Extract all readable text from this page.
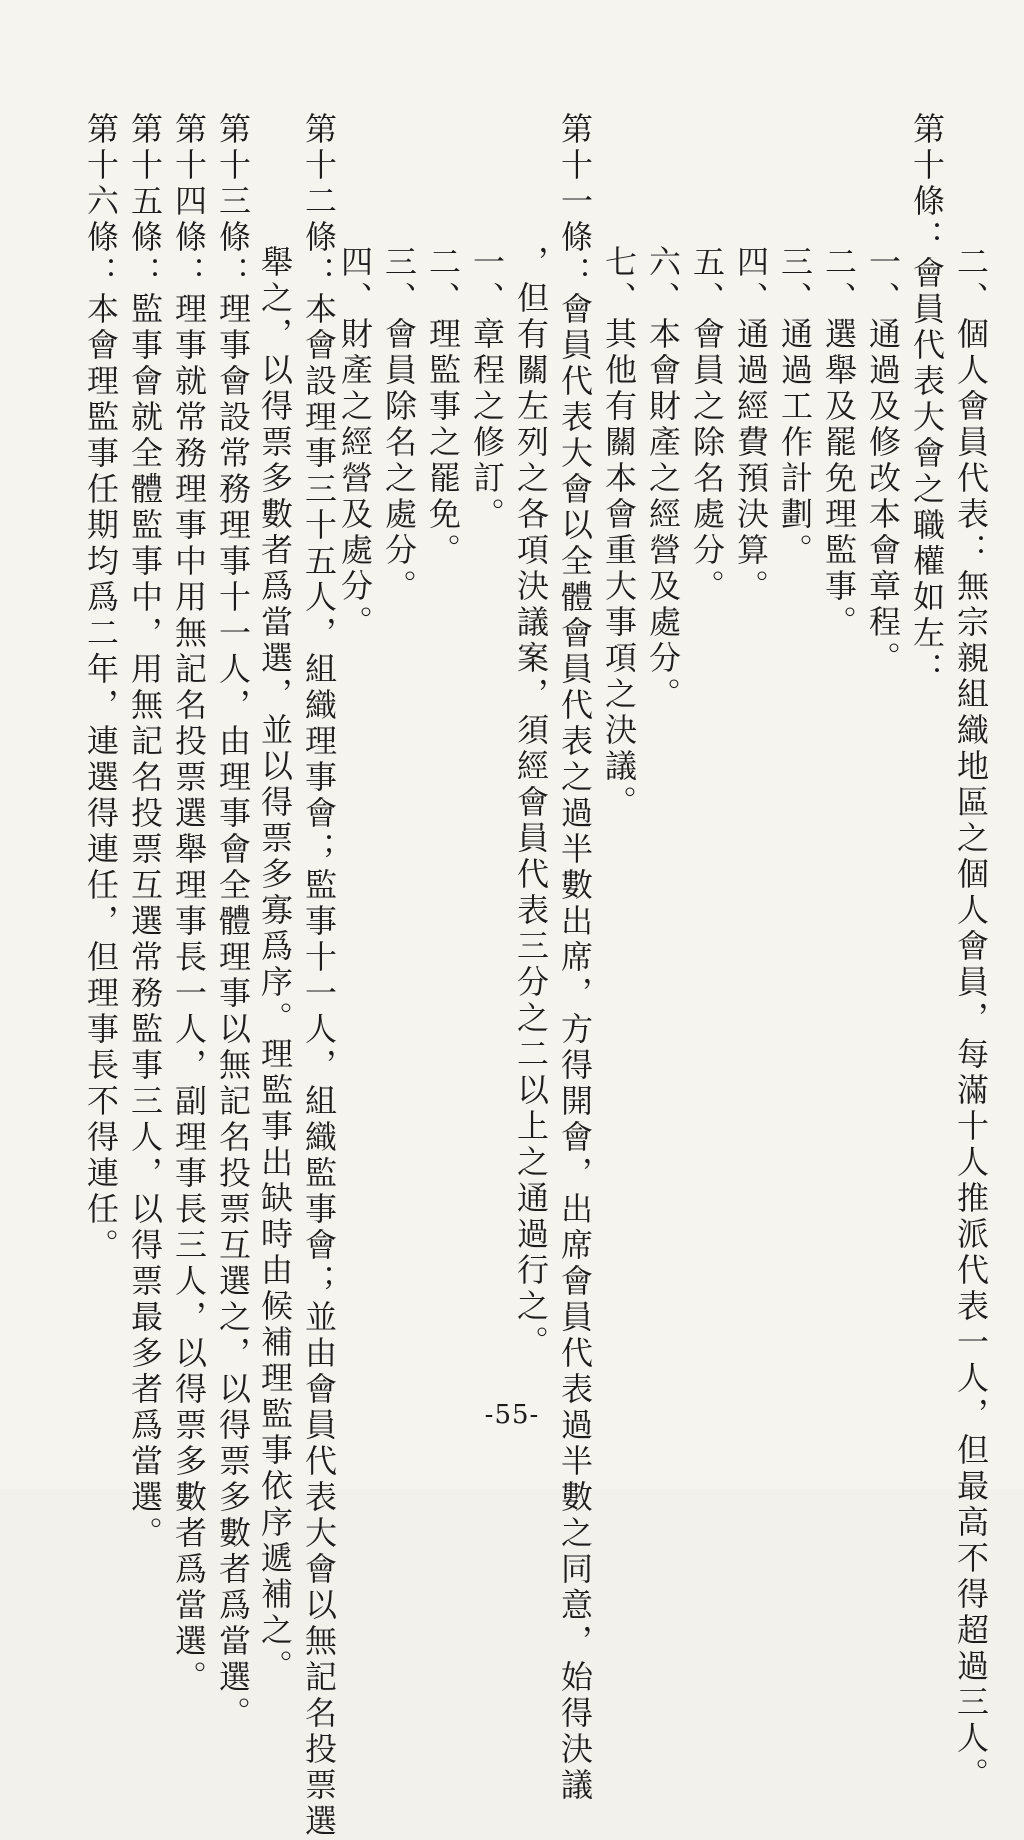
二、個人會員代表：無宗親組織地區之個人會員，每滿十人推派代表一人，但最高不得超過三人。
第十條：會員代表大會之職權如左：
一、通過及修改本會章程。
二、選舉及罷免理監事。
三、通過工作計劃。
四、通過經費預決算。
五、會員之除名處分。
六、本會財產之經營及處分。
七、其他有關本會重大事項之決議。
第十一條：會員代表大會以全體會員代表之過半數出席，方得開會，出席會員代表過半數之同意，始得決議
，但有關左列之各項決議案，須經會員代表三分之二以上之通過行之。
一、章程之修訂。
二、理監事之罷免。
三、會員除名之處分。
四、財產之經營及處分。
第十二條：本會設理事三十五人，組織理事會；監事十一人，組織監事會；並由會員代表大會以無記名投票選
舉之，以得票多數者爲當選，並以得票多寡爲序。理監事出缺時由候補理監事依序遞補之。
第十三條：理事會設常務理事十一人，由理事會全體理事以無記名投票互選之，以得票多數者爲當選。
第十四條：理事就常務理事中用無記名投票選舉理事長一人，副理事長三人，以得票多數者爲當選。
第十五條：監事會就全體監事中，用無記名投票互選常務監事三人，以得票最多者爲當選。
第十六條：本會理監事任期均爲二年，連選得連任，但理事長不得連任。
-55-
